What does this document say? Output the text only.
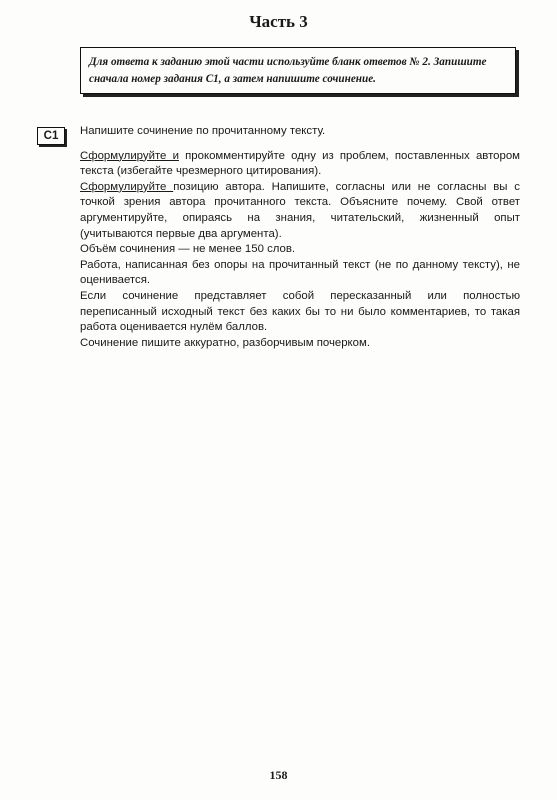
Часть 3
Для ответа к заданию этой части используйте бланк ответов № 2. Запишите сначала номер задания С1, а затем напишите сочинение.
С1	Напишите сочинение по прочитанному тексту.

Сформулируйте и прокомментируйте одну из проблем, поставленных автором текста (избегайте чрезмерного цитирования).

Сформулируйте позицию автора. Напишите, согласны или не согласны вы с точкой зрения автора прочитанного текста. Объясните почему. Свой ответ аргументируйте, опираясь на знания, читательский, жизненный опыт (учитываются первые два аргумента).

Объём сочинения — не менее 150 слов.

Работа, написанная без опоры на прочитанный текст (не по данному тексту), не оценивается.

Если сочинение представляет собой пересказанный или полностью переписанный исходный текст без каких бы то ни было комментариев, то такая работа оценивается нулём баллов.

Сочинение пишите аккуратно, разборчивым почерком.

158
